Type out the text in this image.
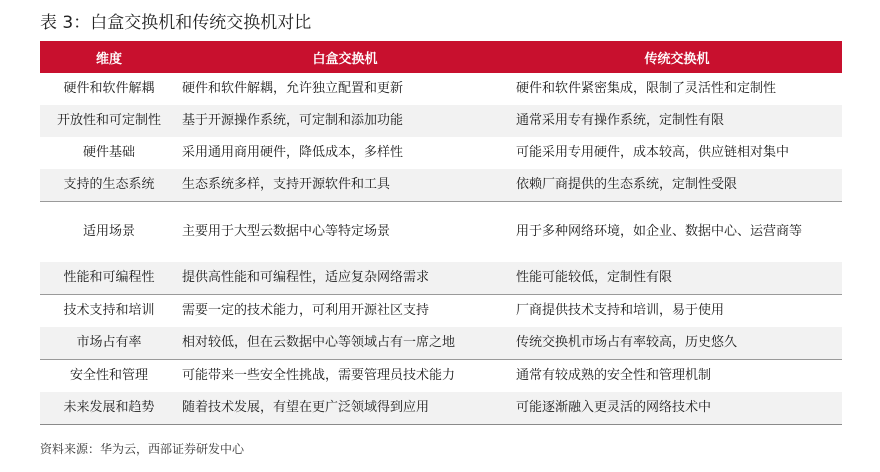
表 3：白盒交换机和传统交换机对比
维度	白盒交换机	传统交换机
硬件和软件解耦	硬件和软件解耦，允许独立配置和更新	硬件和软件紧密集成，限制了灵活性和定制性
开放性和可定制性	基于开源操作系统，可定制和添加功能	通常采用专有操作系统，定制性有限
硬件基础	采用通用商用硬件，降低成本，多样性	可能采用专用硬件，成本较高，供应链相对集中
支持的生态系统	生态系统多样，支持开源软件和工具	依赖厂商提供的生态系统，定制性受限
适用场景	主要用于大型云数据中心等特定场景	用于多种网络环境，如企业、数据中心、运营商等
性能和可编程性	提供高性能和可编程性，适应复杂网络需求	性能可能较低，定制性有限
技术支持和培训	需要一定的技术能力，可利用开源社区支持	厂商提供技术支持和培训，易于使用
市场占有率	相对较低，但在云数据中心等领域占有一席之地	传统交换机市场占有率较高，历史悠久
安全性和管理	可能带来一些安全性挑战，需要管理员技术能力	通常有较成熟的安全性和管理机制
未来发展和趋势	随着技术发展，有望在更广泛领域得到应用	可能逐渐融入更灵活的网络技术中
资料来源：华为云，西部证券研发中心
